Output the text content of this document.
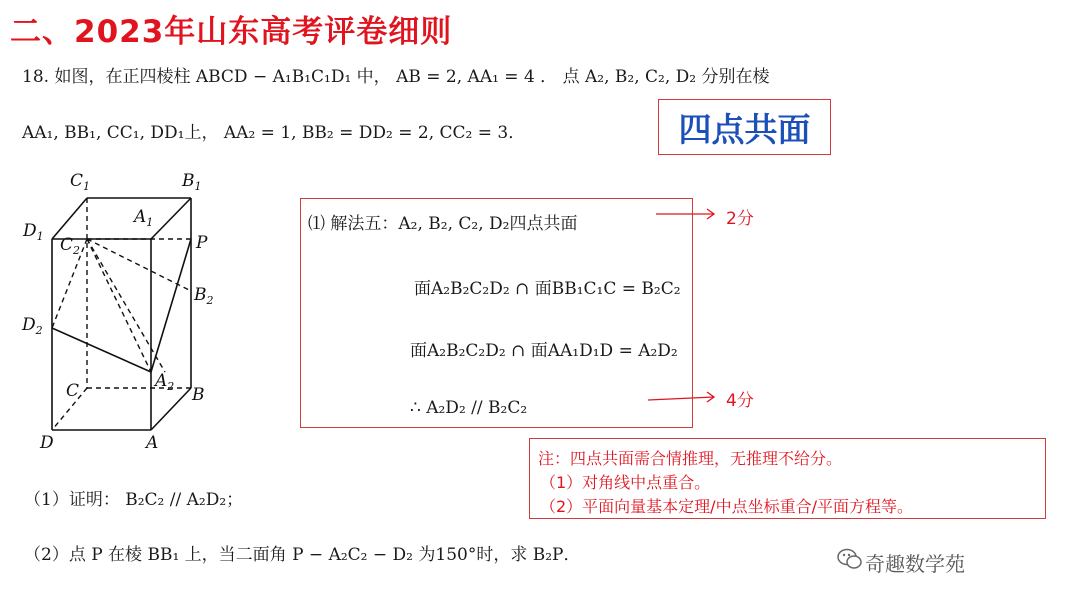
二、2023年山东高考评卷细则
18. 如图，在正四棱柱 ABCD − A₁B₁C₁D₁ 中， AB = 2, AA₁ = 4 ． 点 A₂, B₂, C₂, D₂ 分别在棱
AA₁, BB₁, CC₁, DD₁上， AA₂ = 1, BB₂ = DD₂ = 2, CC₂ = 3．	四点共面
$C_1$	$B_1$
$A_1$
$D_1$ $C_2$	P
$B_2$
$D_2$
$A_2$
C	B
D	A
⑴ 解法五：A₂, B₂, C₂, D₂四点共面
面A₂B₂C₂D₂ ∩ 面BB₁C₁C = B₂C₂
面A₂B₂C₂D₂ ∩ 面AA₁D₁D = A₂D₂
∴ A₂D₂ // B₂C₂
2分
4分
注：四点共面需合情推理，无推理不给分。
（1）对角线中点重合。
（2）平面向量基本定理/中点坐标重合/平面方程等。
（1）证明： B₂C₂ // A₂D₂；
（2）点 P 在棱 BB₁ 上，当二面角 P − A₂C₂ − D₂ 为150°时，求 B₂P．	奇趣数学苑
